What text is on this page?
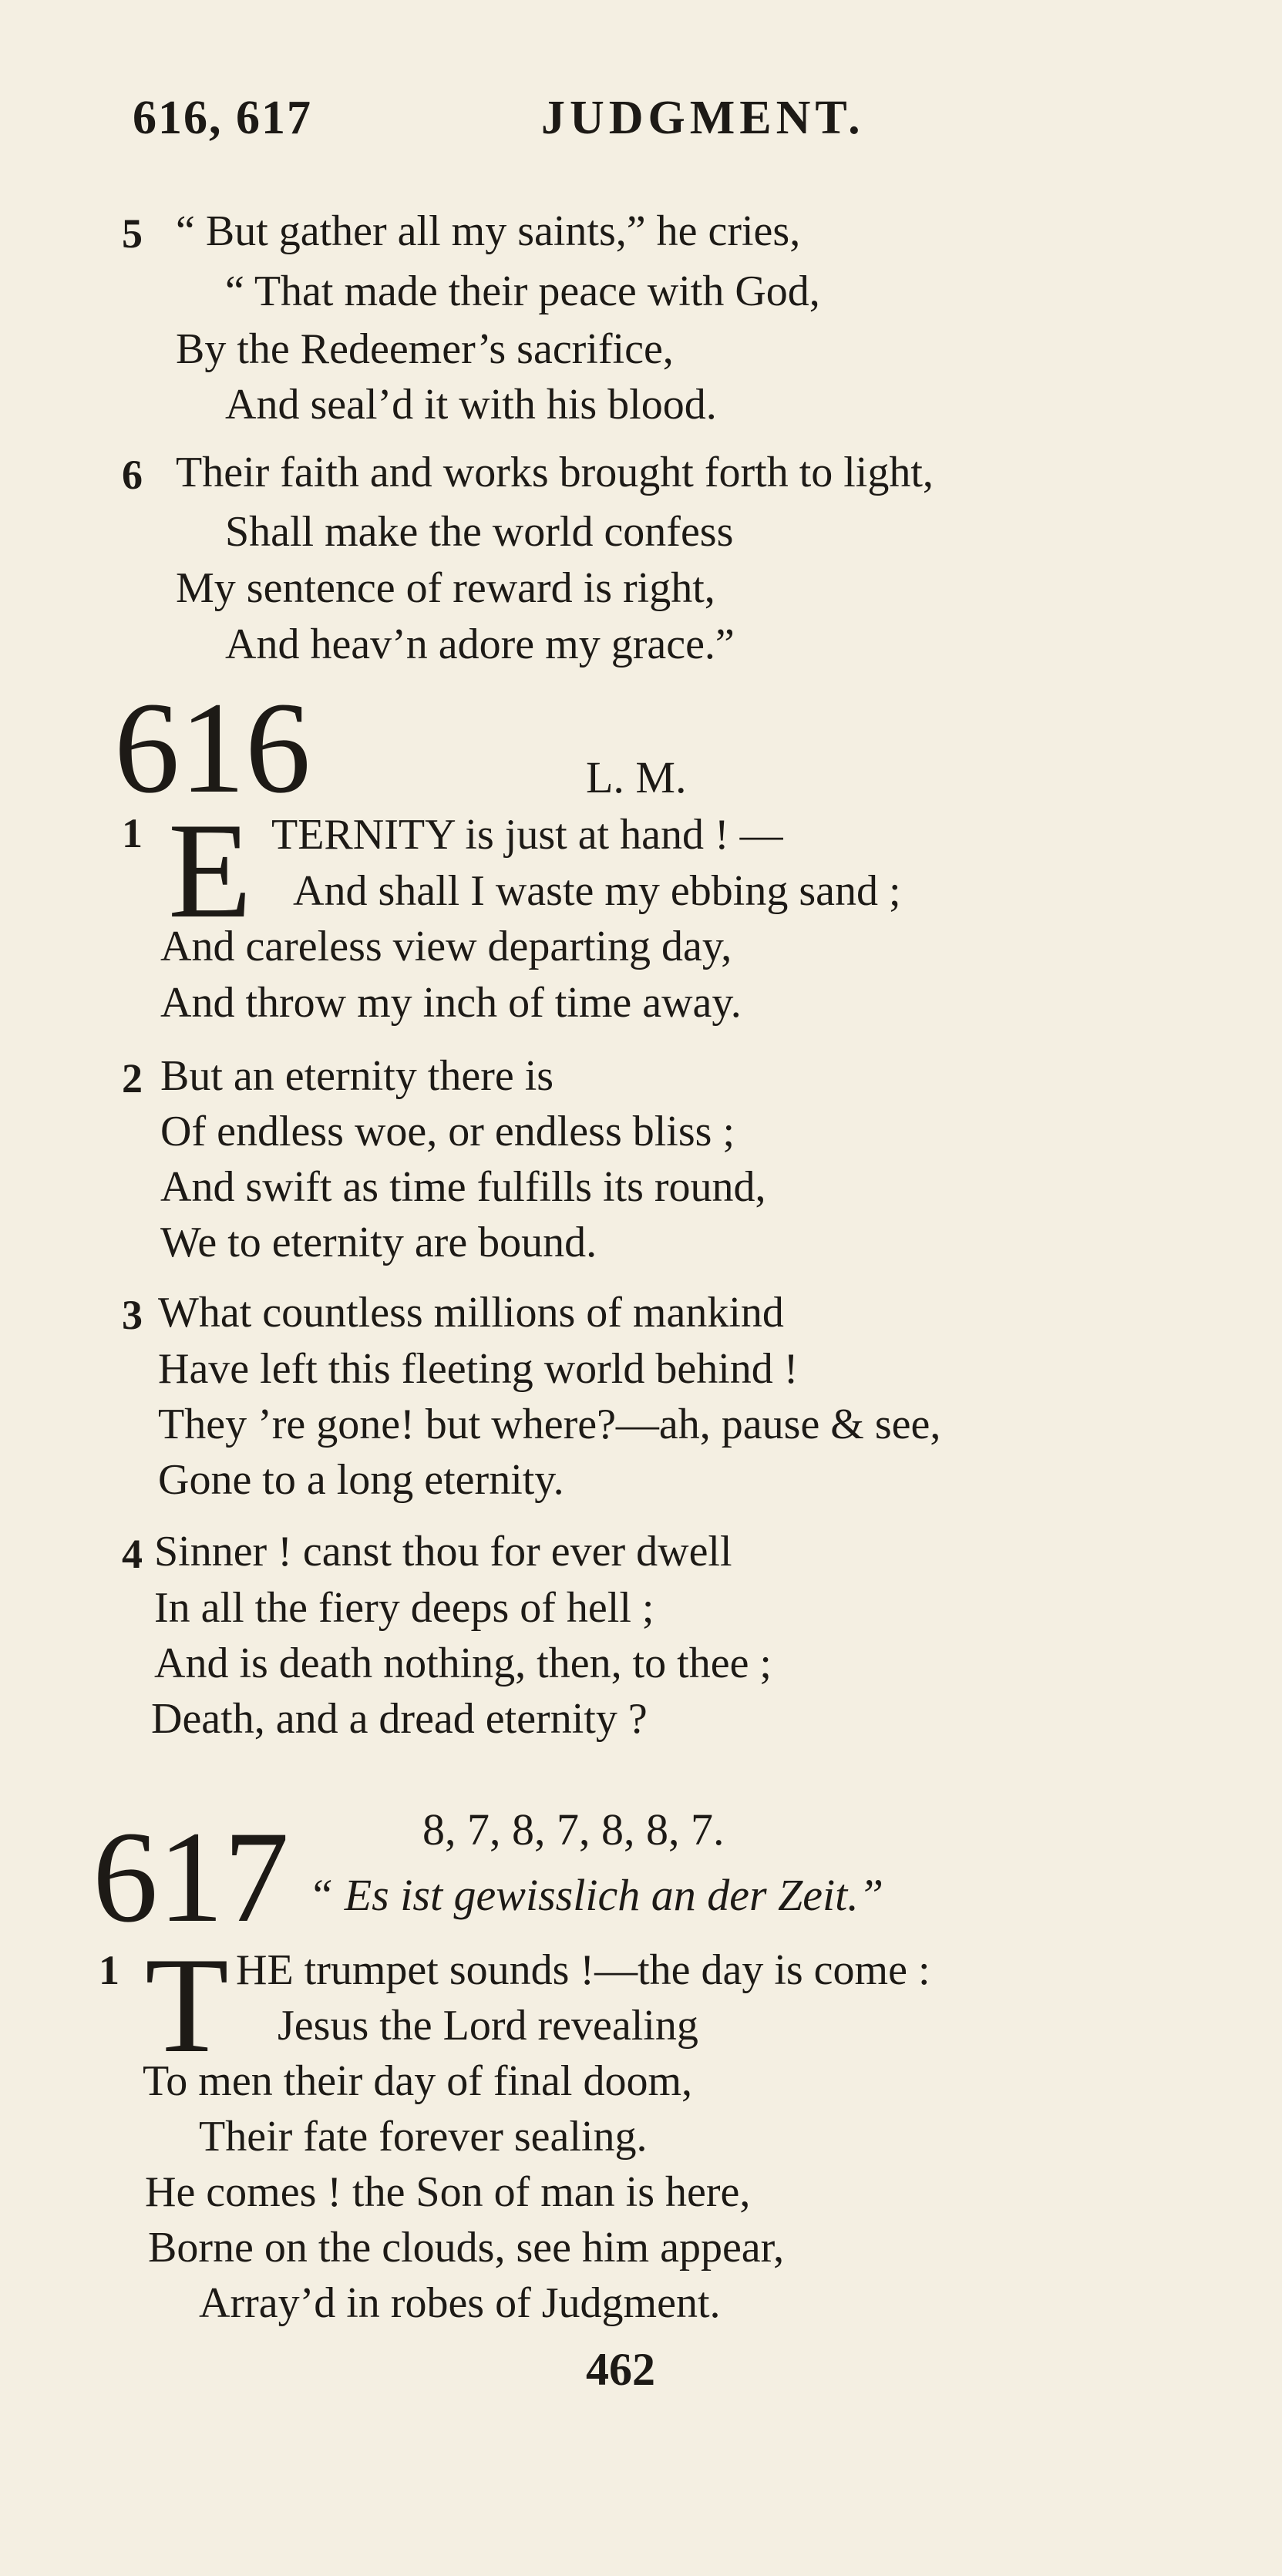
616, 617	JUDGMENT.
5 “ But gather all my saints,” he cries,
“ That made their peace with God,
By the Redeemer’s sacrifice,
And seal’d it with his blood.
6 Their faith and works brought forth to light,
Shall make the world confess
My sentence of reward is right,
And heav’n adore my grace.”
616	L. M.
1 E TERNITY is just at hand ! —
And shall I waste my ebbing sand ;
And careless view departing day,
And throw my inch of time away.
2 But an eternity there is
Of endless woe, or endless bliss ;
And swift as time fulfills its round,
We to eternity are bound.
3 What countless millions of mankind
Have left this fleeting world behind !
They ’re gone! but where?—ah, pause & see,
Gone to a long eternity.
4 Sinner ! canst thou for ever dwell
In all the fiery deeps of hell ;
And is death nothing, then, to thee ;
Death, and a dread eternity ?
8, 7, 8, 7, 8, 8, 7.
617 “ Es ist gewisslich an der Zeit.”
1 T HE trumpet sounds !—the day is come :
Jesus the Lord revealing
To men their day of final doom,
Their fate forever sealing.
He comes ! the Son of man is here,
Borne on the clouds, see him appear,
Array’d in robes of Judgment.
462
